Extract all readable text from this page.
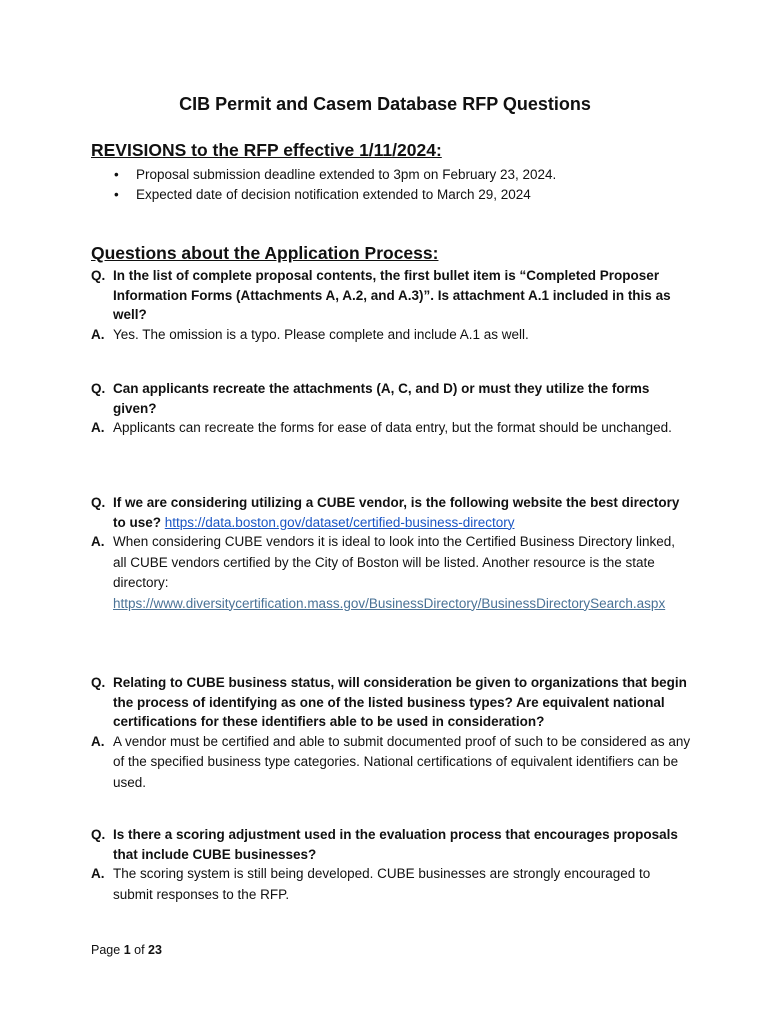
CIB Permit and Casem Database RFP Questions
REVISIONS to the RFP effective 1/11/2024:
• Proposal submission deadline extended to 3pm on February 23, 2024.
• Expected date of decision notification extended to March 29, 2024
Questions about the Application Process:
Q. In the list of complete proposal contents, the first bullet item is “Completed Proposer Information Forms (Attachments A, A.2, and A.3)”. Is attachment A.1 included in this as well?
A. Yes. The omission is a typo. Please complete and include A.1 as well.
Q. Can applicants recreate the attachments (A, C, and D) or must they utilize the forms given?
A. Applicants can recreate the forms for ease of data entry, but the format should be unchanged.
Q. If we are considering utilizing a CUBE vendor, is the following website the best directory to use? https://data.boston.gov/dataset/certified-business-directory
A. When considering CUBE vendors it is ideal to look into the Certified Business Directory linked, all CUBE vendors certified by the City of Boston will be listed. Another resource is the state directory:
https://www.diversitycertification.mass.gov/BusinessDirectory/BusinessDirectorySearch.aspx
Q. Relating to CUBE business status, will consideration be given to organizations that begin the process of identifying as one of the listed business types? Are equivalent national certifications for these identifiers able to be used in consideration?
A. A vendor must be certified and able to submit documented proof of such to be considered as any of the specified business type categories. National certifications of equivalent identifiers can be used.
Q. Is there a scoring adjustment used in the evaluation process that encourages proposals that include CUBE businesses?
A. The scoring system is still being developed. CUBE businesses are strongly encouraged to submit responses to the RFP.
Page 1 of 23
